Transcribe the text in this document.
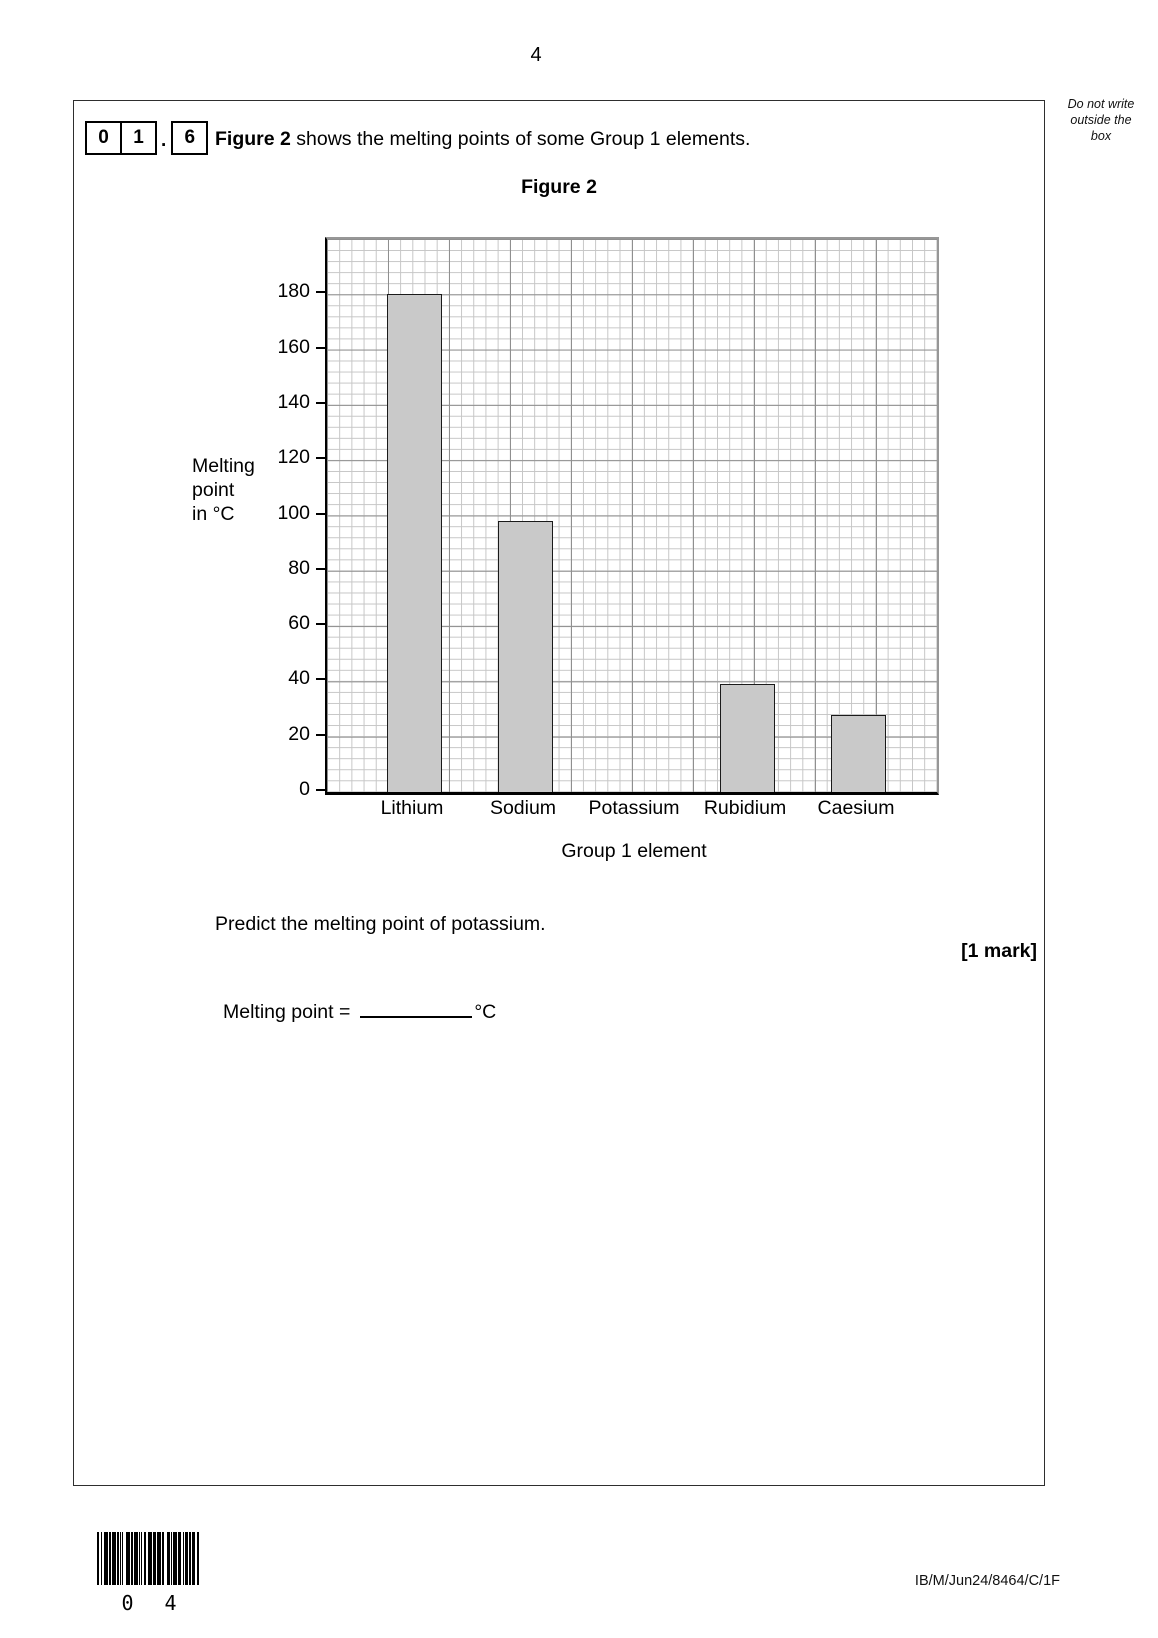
4
Do not write
outside the
box
0	1 . 6	Figure 2 shows the melting points of some Group 1 elements.
Figure 2
Melting
point
in °C
0
20
40
60
80
100
120
140
160
180
Lithium	Sodium	Potassium	Rubidium	Caesium
Group 1 element
Predict the melting point of potassium.
[1 mark]
Melting point =	°C
0 4
IB/M/Jun24/8464/C/1F
